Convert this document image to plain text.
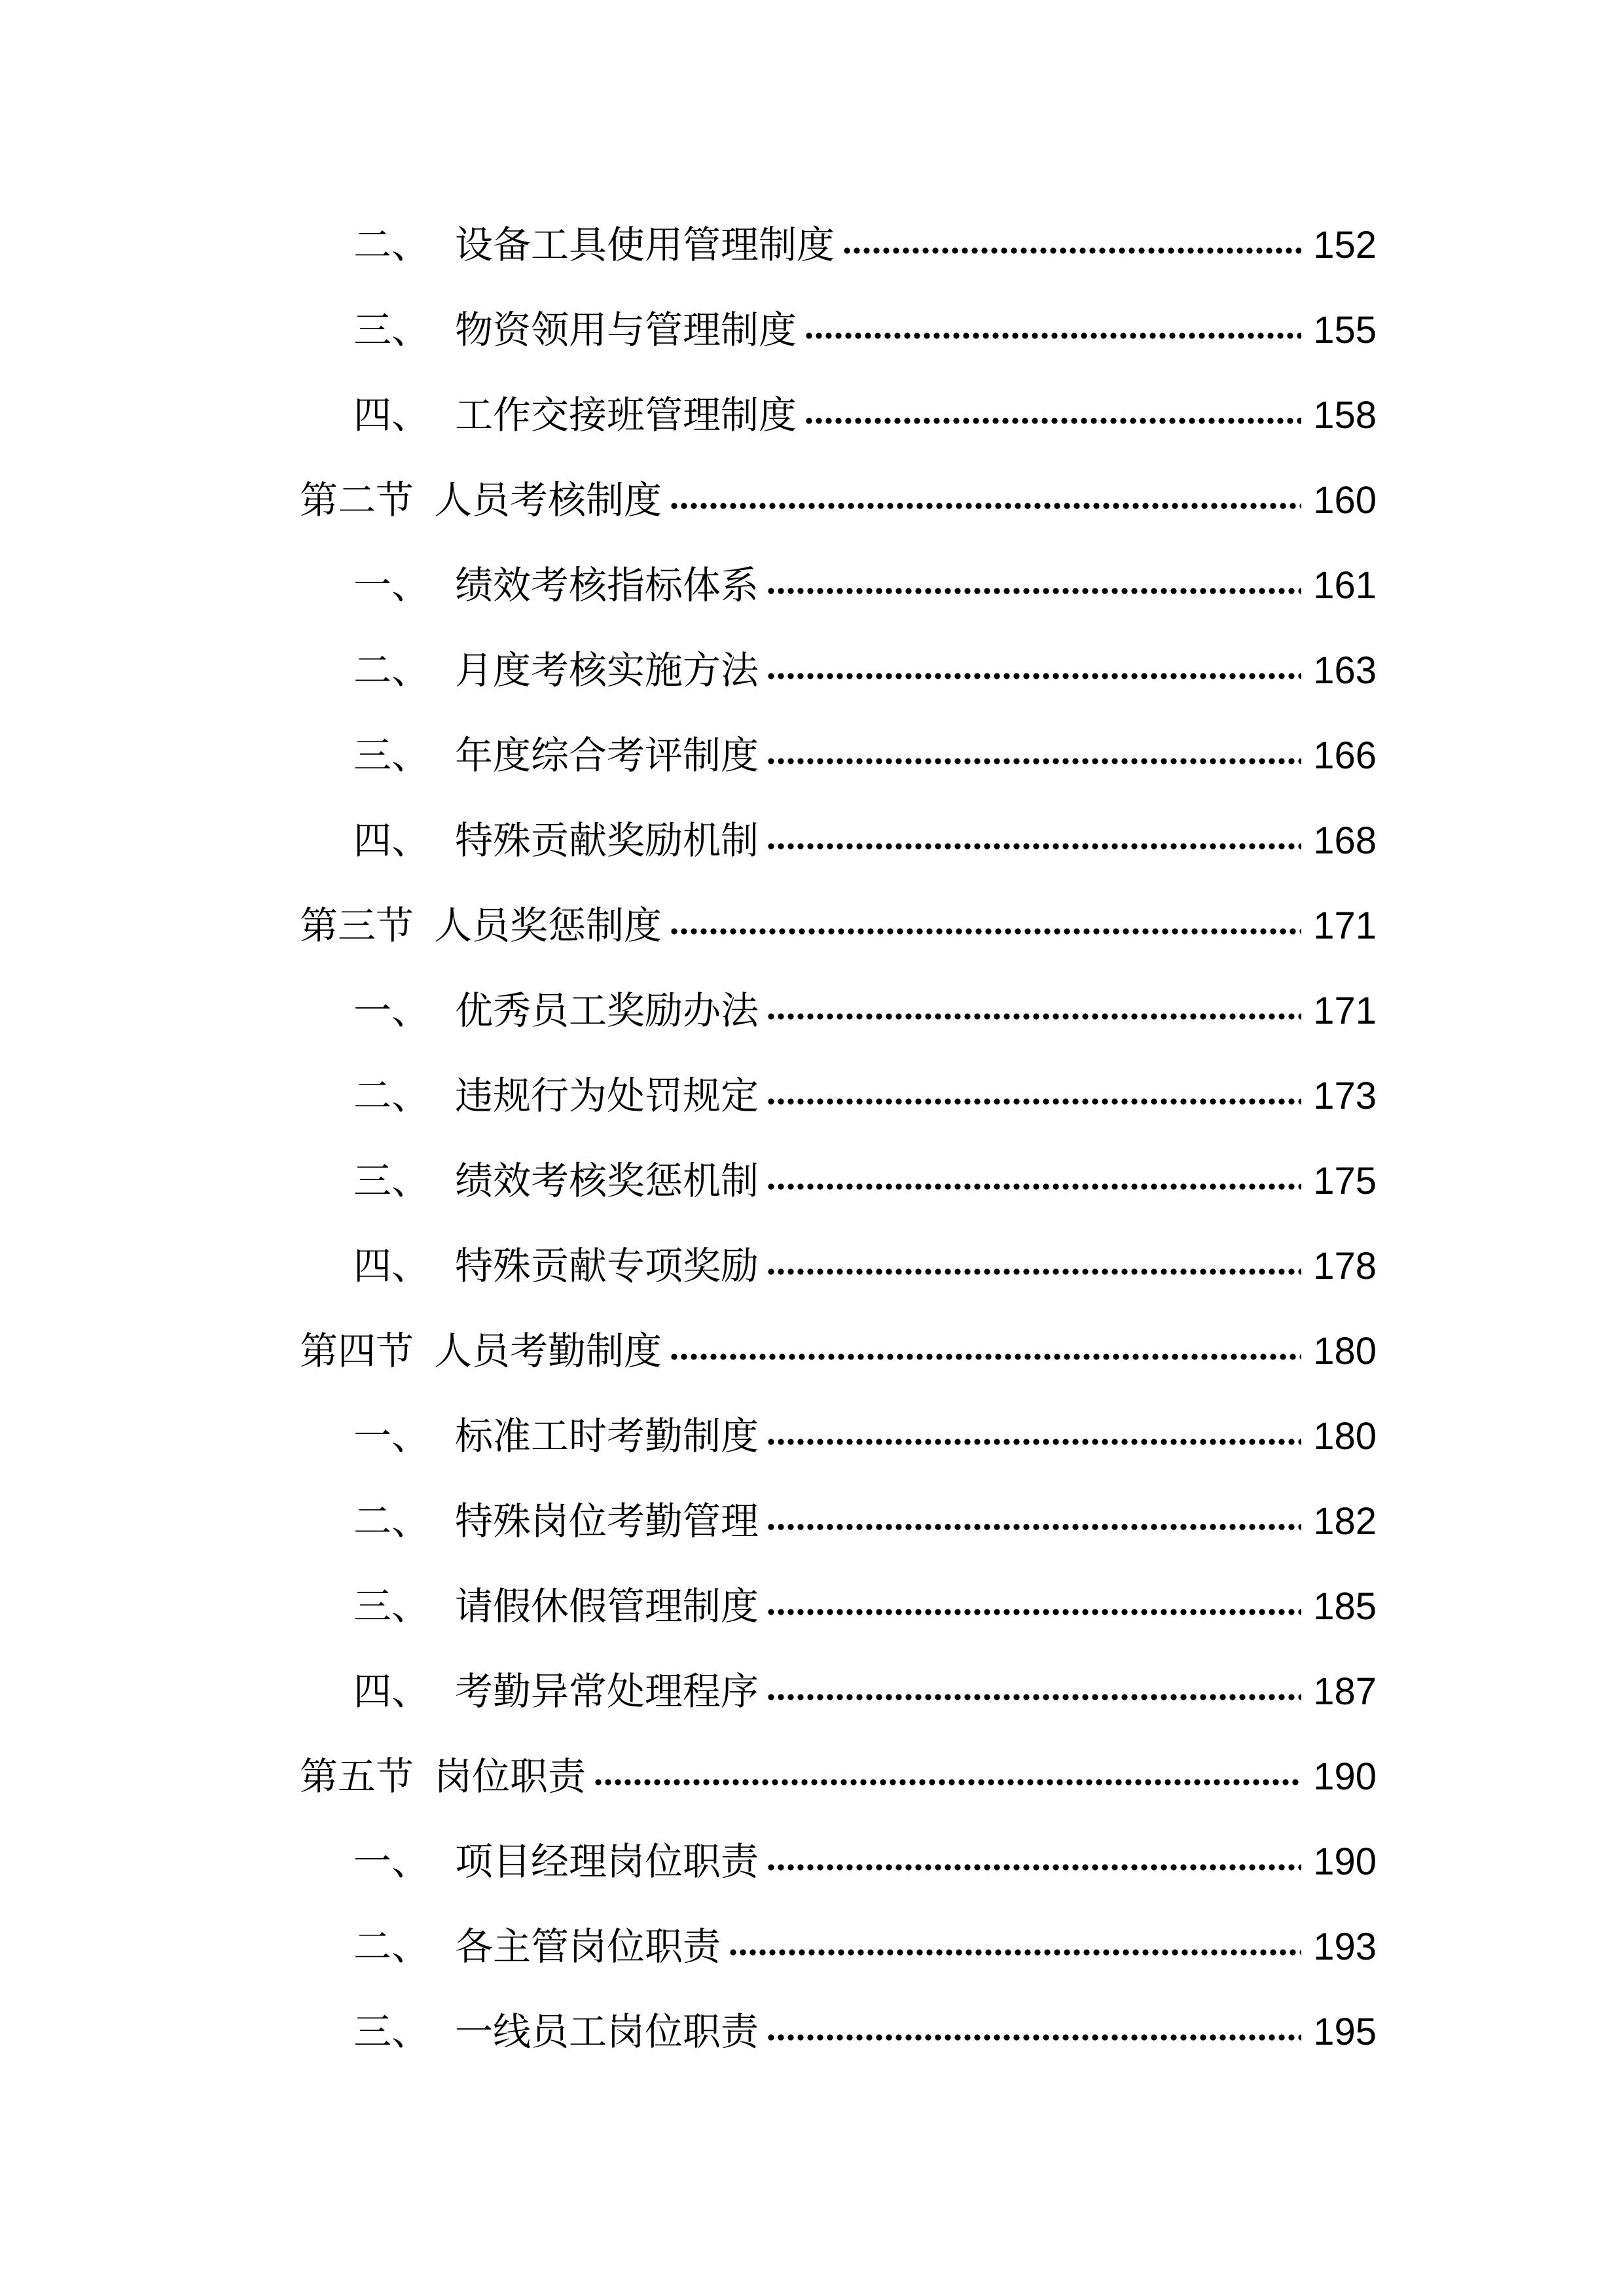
二、 设备工具使用管理制度	152
三、 物资领用与管理制度	155
四、 工作交接班管理制度	158
第二节 人员考核制度	160
一、 绩效考核指标体系	161
二、 月度考核实施方法	163
三、 年度综合考评制度	166
四、 特殊贡献奖励机制	168
第三节 人员奖惩制度	171
一、 优秀员工奖励办法	171
二、 违规行为处罚规定	173
三、 绩效考核奖惩机制	175
四、 特殊贡献专项奖励	178
第四节 人员考勤制度	180
一、 标准工时考勤制度	180
二、 特殊岗位考勤管理	182
三、 请假休假管理制度	185
四、 考勤异常处理程序	187
第五节 岗位职责	190
一、 项目经理岗位职责	190
二、 各主管岗位职责	193
三、 一线员工岗位职责	195
